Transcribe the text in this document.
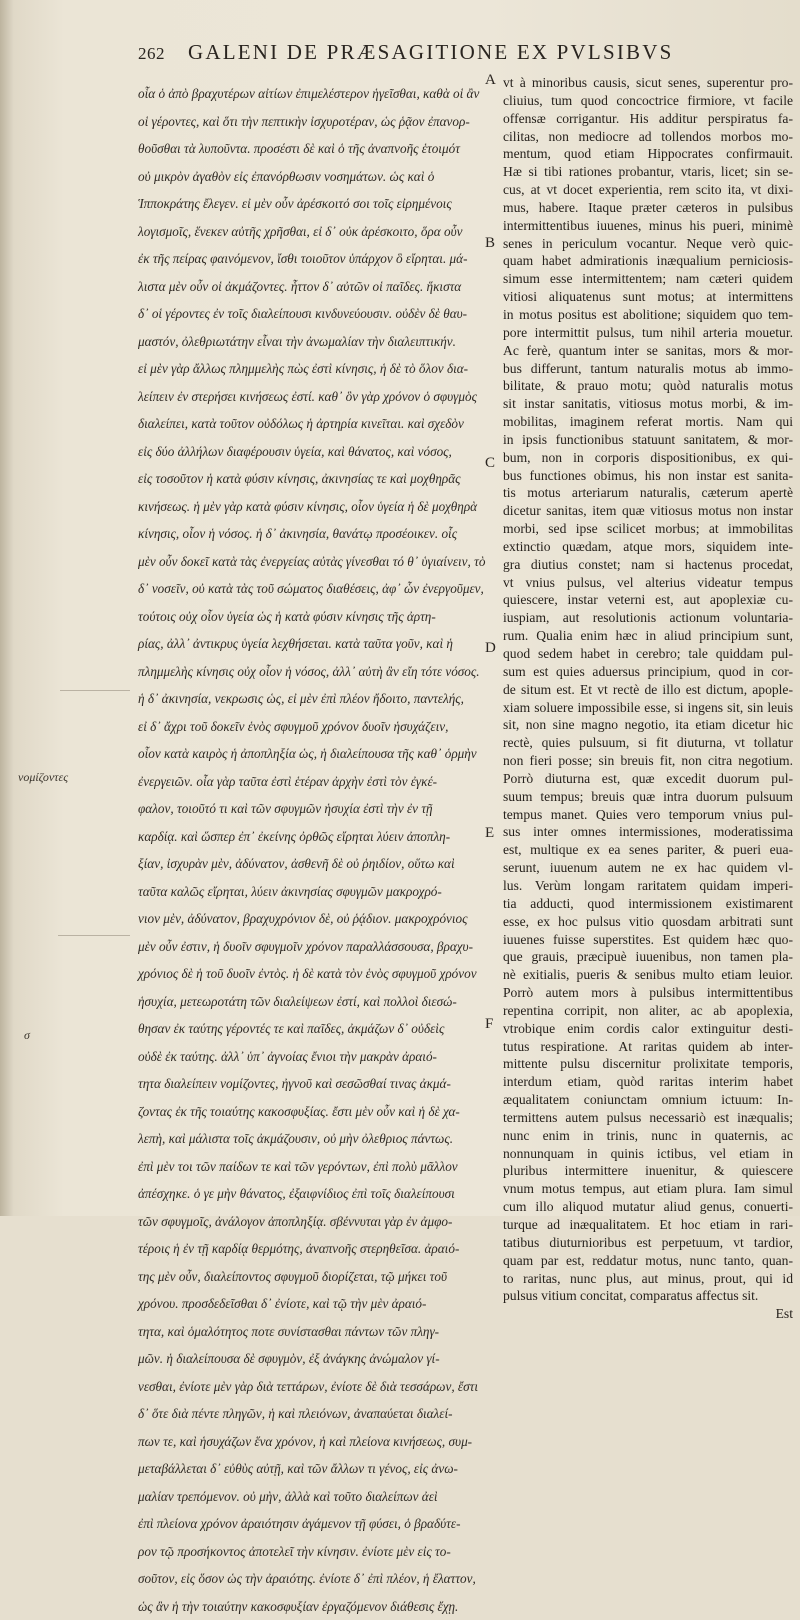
262	GALENI DE PRÆSAGITIONE EX PVLSIBVS
οἷα ὁ ἀπὸ βραχυτέρων αἰτίων ἐπιμελέστερον ἡγεῖσθαι, καθὰ οἱ ἂν
οἱ γέροντες, καὶ ὅτι τὴν πεπτικὴν ἰσχυροτέραν, ὡς ῥᾷον ἐπανορ-
θοῦσθαι τὰ λυποῦντα. προσέστι δὲ καὶ ὁ τῆς ἀναπνοῆς ἑτοιμότ
οὐ μικρὸν ἀγαθὸν εἰς ἐπανόρθωσιν νοσημάτων. ὡς καὶ ὁ
Ἱπποκράτης ἔλεγεν. εἰ μὲν οὖν ἀρέσκοιτό σοι τοῖς εἰρημένοις
λογισμοῖς, ἕνεκεν αὐτῆς χρῆσθαι, εἰ δ᾽ οὐκ ἀρέσκοιτο, ὅρα οὖν
ἐκ τῆς πείρας φαινόμενον, ἴσθι τοιοῦτον ὑπάρχον ὃ εἴρηται. μά-
λιστα μὲν οὖν οἱ ἀκμάζοντες. ἧττον δ᾽ αὐτῶν οἱ παῖδες. ἥκιστα
δ᾽ οἱ γέροντες ἐν τοῖς διαλείπουσι κινδυνεύουσιν. οὐδὲν δὲ θαυ-
μαστόν, ὀλεθριωτάτην εἶναι τὴν ἀνωμαλίαν τὴν διαλειπτικήν.
εἰ μὲν γὰρ ἄλλως πλημμελὴς πὼς ἐστὶ κίνησις, ἡ δὲ τὸ ὅλον δια-
λείπειν ἐν στερήσει κινήσεως ἐστί. καθ᾽ ὃν γὰρ χρόνον ὁ σφυγμὸς
διαλείπει, κατὰ τοῦτον οὐδόλως ἡ ἀρτηρία κινεῖται. καὶ σχεδὸν
εἰς δύο ἀλλήλων διαφέρουσιν ὑγεία, καὶ θάνατος, καὶ νόσος,
εἰς τοσοῦτον ἡ κατὰ φύσιν κίνησις, ἀκινησίας τε καὶ μοχθηρᾶς
κινήσεως. ἡ μὲν γὰρ κατὰ φύσιν κίνησις, οἷον ὑγεία ἡ δὲ μοχθηρὰ
κίνησις, οἷον ἡ νόσος. ἡ δ᾽ ἀκινησία, θανάτῳ προσέοικεν. οἷς
μὲν οὖν δοκεῖ κατὰ τὰς ἐνεργείας αὐτὰς γίνεσθαι τό θ᾽ ὑγιαίνειν, τὸ
δ᾽ νοσεῖν, οὐ κατὰ τὰς τοῦ σώματος διαθέσεις, ἀφ᾽ ὧν ἐνεργοῦμεν,
τούτοις οὐχ οἷον ὑγεία ὡς ἡ κατὰ φύσιν κίνησις τῆς ἀρτη-
ρίας, ἀλλ᾽ ἀντικρυς ὑγεία λεχθήσεται. κατὰ ταῦτα γοῦν, καὶ ἡ
πλημμελὴς κίνησις οὐχ οἷον ἡ νόσος, ἀλλ᾽ αὐτὴ ἂν εἴη τότε νόσος.
ἡ δ᾽ ἀκινησία, νεκρωσις ὡς, εἰ μὲν ἐπὶ πλέον ἤδοιτο, παντελής,
εἰ δ᾽ ἄχρι τοῦ δοκεῖν ἑνὸς σφυγμοῦ χρόνον δυοῖν ἡσυχάζειν,
οἷον κατὰ καιρὸς ἡ ἀποπληξία ὡς, ἡ διαλείπουσα τῆς καθ᾽ ὁρμὴν
ἐνεργειῶν. οἷα γὰρ ταῦτα ἐστὶ ἑτέραν ἀρχὴν ἐστὶ τὸν ἐγκέ-
φαλον, τοιοῦτό τι καὶ τῶν σφυγμῶν ἡσυχία ἐστὶ τὴν ἐν τῇ
καρδίᾳ. καὶ ὥσπερ ἐπ᾽ ἐκείνης ὀρθῶς εἴρηται λύειν ἀποπλη-
ξίαν, ἰσχυρὰν μὲν, ἀδύνατον, ἀσθενῆ δὲ οὐ ῥηιδίον, οὕτω καὶ
ταῦτα καλῶς εἴρηται, λύειν ἀκινησίας σφυγμῶν μακροχρό-
νιον μὲν, ἀδύνατον, βραχυχρόνιον δὲ, οὐ ῥᾴδιον. μακροχρόνιος
μὲν οὖν ἐστιν, ἡ δυοῖν σφυγμοῖν χρόνον παραλλάσσουσα, βραχυ-
χρόνιος δὲ ἡ τοῦ δυοῖν ἐντὸς. ἡ δὲ κατὰ τὸν ἑνὸς σφυγμοῦ χρόνον
ἡσυχία, μετεωροτάτη τῶν διαλείψεων ἐστί, καὶ πολλοὶ διεσώ-
θησαν ἐκ ταύτης γέροντές τε καὶ παῖδες, ἀκμάζων δ᾽ οὐδεὶς
οὐδὲ ἐκ ταύτης. ἀλλ᾽ ὑπ᾽ ἀγνοίας ἔνιοι τὴν μακρὰν ἀραιό-
τητα διαλείπειν νομίζοντες, ἠγνοῦ καὶ σεσῶσθαί τινας ἀκμά-
ζοντας ἐκ τῆς τοιαύτης κακοσφυξίας. ἔστι μὲν οὖν καὶ ἡ δὲ χα-
λεπὴ, καὶ μάλιστα τοῖς ἀκμάζουσιν, οὐ μὴν ὀλεθριος πάντως.
ἐπὶ μὲν τοι τῶν παίδων τε καὶ τῶν γερόντων, ἐπὶ πολὺ μᾶλλον
ἀπέσχηκε. ὁ γε μὴν θάνατος, ἐξαιφνίδιος ἐπὶ τοῖς διαλείπουσι
τῶν σφυγμοῖς, ἀνάλογον ἀποπληξίᾳ. σβέννυται γὰρ ἐν ἀμφο-
τέροις ἡ ἐν τῇ καρδίᾳ θερμότης, ἀναπνοῆς στερηθεῖσα. ἀραιό-
της μὲν οὖν, διαλείποντος σφυγμοῦ διορίζεται, τῷ μήκει τοῦ
χρόνου. προσδεδεῖσθαι δ᾽ ἐνίοτε, καὶ τῷ τὴν μὲν ἀραιό-
τητα, καὶ ὁμαλότητος ποτε συνίστασθαι πάντων τῶν πληγ-
μῶν. ἡ διαλείπουσα δὲ σφυγμὸν, ἐξ ἀνάγκης ἀνώμαλον γί-
νεσθαι, ἐνίοτε μὲν γὰρ διὰ τεττάρων, ἐνίοτε δὲ διὰ τεσσάρων, ἔστι
δ᾽ ὅτε διὰ πέντε πληγῶν, ἡ καὶ πλειόνων, ἀναπαύεται διαλεί-
πων τε, καὶ ἡσυχάζων ἕνα χρόνον, ἡ καὶ πλείονα κινήσεως, συμ-
μεταβάλλεται δ᾽ εὐθὺς αὐτῇ, καὶ τῶν ἄλλων τι γένος, εἰς ἀνω-
μαλίαν τρεπόμενον. οὐ μὴν, ἀλλὰ καὶ τοῦτο διαλείπων ἀεὶ
ἐπὶ πλείονα χρόνον ἀραιότησιν ἀγάμενον τῇ φύσει, ὁ βραδύτε-
ρον τῷ προσήκοντος ἀποτελεῖ τὴν κίνησιν. ἐνίοτε μὲν εἰς το-
σοῦτον, εἰς ὅσον ὡς τὴν ἀραιότης. ἐνίοτε δ᾽ ἐπὶ πλέον, ἡ ἔλαττον,
ὡς ἂν ἡ τὴν τοιαύτην κακοσφυξίαν ἐργαζόμενον διάθεσις ἔχῃ.
vt à minoribus causis, sicut senes, superentur pro-
cliuius, tum quod concoctrice firmiore, vt facile
offensæ corrigantur. His additur perspiratus fa-
cilitas, non mediocre ad tollendos morbos mo-
mentum, quod etiam Hippocrates confirmauit.
Hæ si tibi rationes probantur, vtaris, licet; sin se-
cus, at vt docet experientia, rem scito ita, vt dixi-
mus, habere. Itaque præter cæteros in pulsibus
intermittentibus iuuenes, minus his pueri, minimè
senes in periculum vocantur. Neque verò quic-
quam habet admirationis inæqualium perniciosis-
simum esse intermittentem; nam cæteri quidem
vitiosi aliquatenus sunt motus; at intermittens
in motus positus est abolitione; siquidem quo tem-
pore intermittit pulsus, tum nihil arteria mouetur.
Ac ferè, quantum inter se sanitas, mors & mor-
bus differunt, tantum naturalis motus ab immo-
bilitate, & prauo motu; quòd naturalis motus
sit instar sanitatis, vitiosus motus morbi, & im-
mobilitas, imaginem referat mortis. Nam qui
in ipsis functionibus statuunt sanitatem, & mor-
bum, non in corporis dispositionibus, ex qui-
bus functiones obimus, his non instar est sanita-
tis motus arteriarum naturalis, cæterum apertè
dicetur sanitas, item quæ vitiosus motus non instar
morbi, sed ipse scilicet morbus; at immobilitas
extinctio quædam, atque mors, siquidem inte-
gra diutius constet; nam si hactenus procedat,
vt vnius pulsus, vel alterius videatur tempus
quiescere, instar veterni est, aut apoplexiæ cu-
iuspiam, aut resolutionis actionum voluntaria-
rum. Qualia enim hæc in aliud principium sunt,
quod sedem habet in cerebro; tale quiddam pul-
sum est quies aduersus principium, quod in cor-
de situm est. Et vt rectè de illo est dictum, apople-
xiam soluere impossibile esse, si ingens sit, sin leuis
sit, non sine magno negotio, ita etiam dicetur hic
rectè, quies pulsuum, si fit diuturna, vt tollatur
non fieri posse; sin breuis fit, non citra negotium.
Porrò diuturna est, quæ excedit duorum pul-
suum tempus; breuis quæ intra duorum pulsuum
tempus manet. Quies vero temporum vnius pul-
sus inter omnes intermissiones, moderatissima
est, multique ex ea senes pariter, & pueri eua-
serunt, iuuenum autem ne ex hac quidem vl-
lus. Verùm longam raritatem quidam imperi-
tia adducti, quod intermissionem existimarent
esse, ex hoc pulsus vitio quosdam arbitrati sunt
iuuenes fuisse superstites. Est quidem hæc quo-
que grauis, præcipuè iuuenibus, non tamen pla-
nè exitialis, pueris & senibus multo etiam leuior.
Porrò autem mors à pulsibus intermittentibus
repentina corripit, non aliter, ac ab apoplexia,
vtrobique enim cordis calor extinguitur desti-
tutus respiratione. At raritas quidem ab inter-
mittente pulsu discernitur prolixitate temporis,
interdum etiam, quòd raritas interim habet
æqualitatem coniunctam omnium ictuum: In-
termittens autem pulsus necessariò est inæqualis;
nunc enim in trinis, nunc in quaternis, ac
nonnunquam in quinis ictibus, vel etiam in
pluribus intermittere inuenitur, & quiescere
vnum motus tempus, aut etiam plura. Iam simul
cum illo aliquod mutatur aliud genus, conuerti-
turque ad inæqualitatem. Et hoc etiam in rari-
tatibus diuturnioribus est perpetuum, vt tardior,
quam par est, reddatur motus, nunc tanto, quan-
to raritas, nunc plus, aut minus, prout, qui id
pulsus vitium concitat, comparatus affectus sit.
Est
A
B
C
D
E
F
νομίζοντες
σ
